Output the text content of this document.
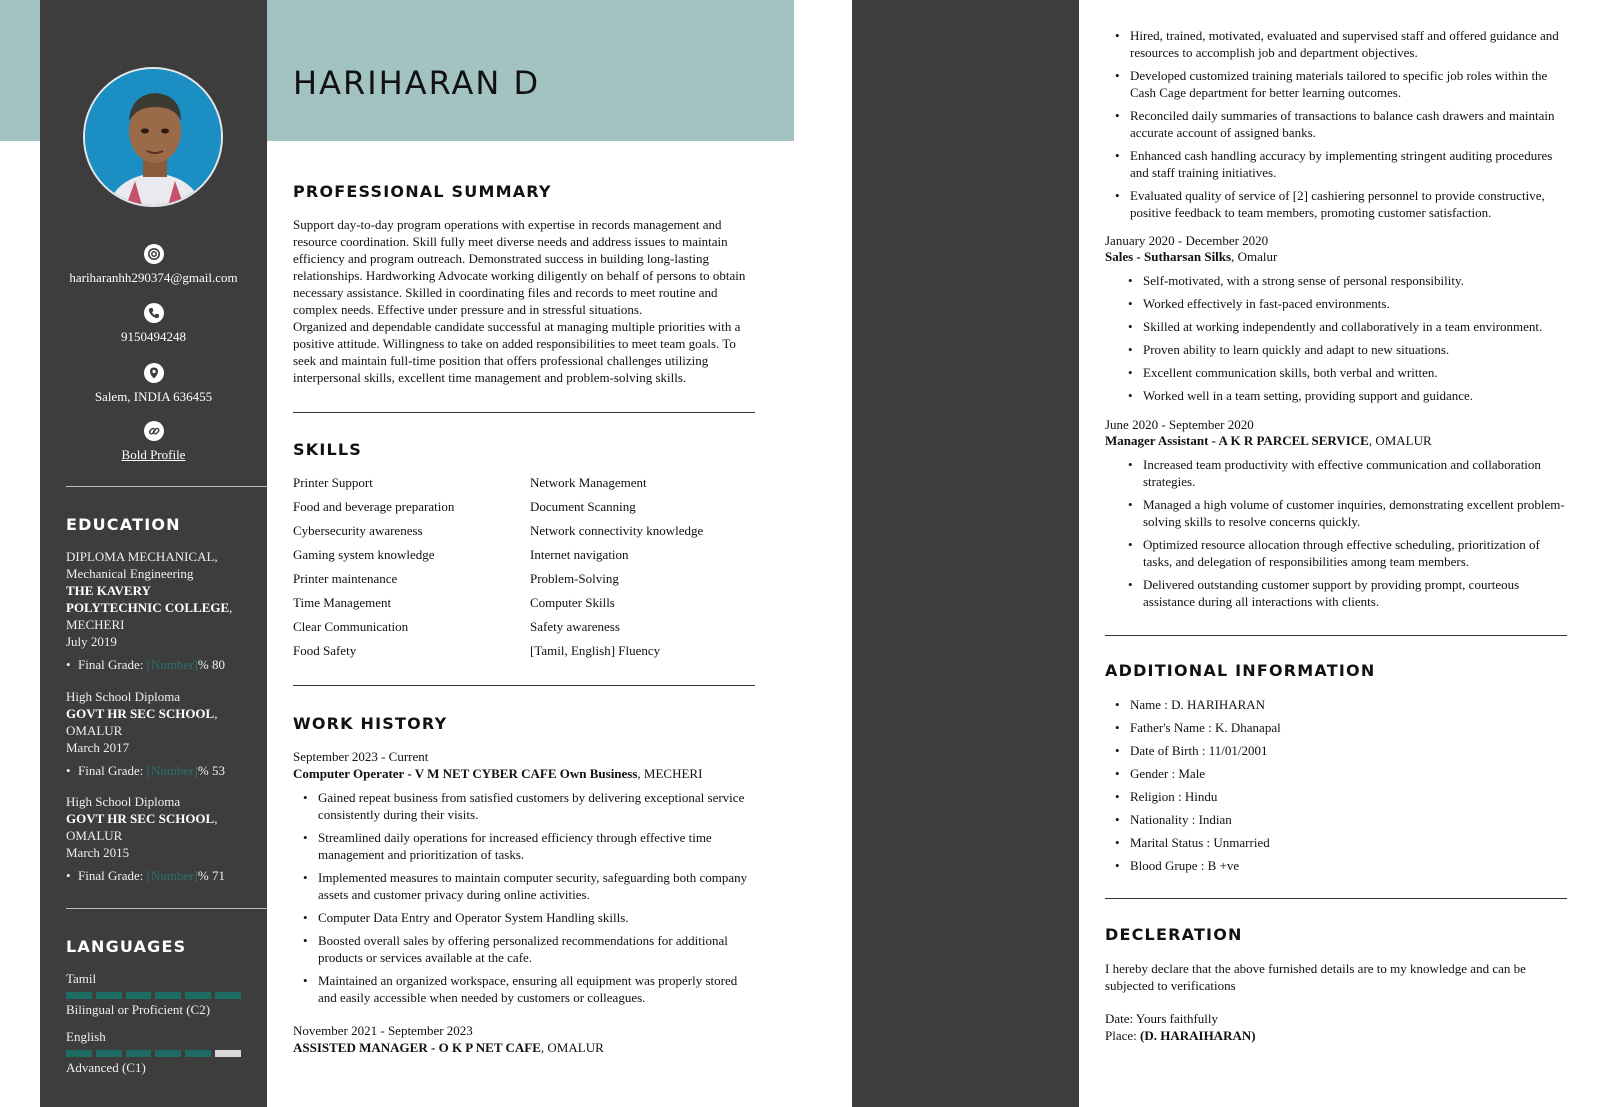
hariharanhh290374@gmail.com
9150494248
Salem, INDIA 636455
Bold Profile
EDUCATION
DIPLOMA MECHANICAL,
Mechanical Engineering
THE KAVERY
POLYTECHNIC COLLEGE,
MECHERI
July 2019
• Final Grade: [Number]% 80
High School Diploma
GOVT HR SEC SCHOOL,
OMALUR
March 2017
• Final Grade: [Number]% 53
High School Diploma
GOVT HR SEC SCHOOL,
OMALUR
March 2015
• Final Grade: [Number]% 71
LANGUAGES
Tamil
Bilingual or Proficient (C2)
English
Advanced (C1)
HARIHARAN D
PROFESSIONAL SUMMARY
Support day-to-day program operations with expertise in records management and resource coordination. Skill fully meet diverse needs and address issues to maintain efficiency and program outreach. Demonstrated success in building long-lasting relationships. Hardworking Advocate working diligently on behalf of persons to obtain necessary assistance. Skilled in coordinating files and records to meet routine and complex needs. Effective under pressure and in stressful situations.
Organized and dependable candidate successful at managing multiple priorities with a positive attitude. Willingness to take on added responsibilities to meet team goals. To seek and maintain full-time position that offers professional challenges utilizing interpersonal skills, excellent time management and problem-solving skills.
SKILLS
Printer Support
Food and beverage preparation
Cybersecurity awareness
Gaming system knowledge
Printer maintenance
Time Management
Clear Communication
Food Safety
Network Management
Document Scanning
Network connectivity knowledge
Internet navigation
Problem-Solving
Computer Skills
Safety awareness
[Tamil, English] Fluency
WORK HISTORY
September 2023 - Current
Computer Operater - V M NET CYBER CAFE Own Business, MECHERI
• Gained repeat business from satisfied customers by delivering exceptional service consistently during their visits.
• Streamlined daily operations for increased efficiency through effective time management and prioritization of tasks.
• Implemented measures to maintain computer security, safeguarding both company assets and customer privacy during online activities.
• Computer Data Entry and Operator System Handling skills.
• Boosted overall sales by offering personalized recommendations for additional products or services available at the cafe.
• Maintained an organized workspace, ensuring all equipment was properly stored and easily accessible when needed by customers or colleagues.
November 2021 - September 2023
ASSISTED MANAGER - O K P NET CAFE, OMALUR
• Hired, trained, motivated, evaluated and supervised staff and offered guidance and resources to accomplish job and department objectives.
• Developed customized training materials tailored to specific job roles within the Cash Cage department for better learning outcomes.
• Reconciled daily summaries of transactions to balance cash drawers and maintain accurate account of assigned banks.
• Enhanced cash handling accuracy by implementing stringent auditing procedures and staff training initiatives.
• Evaluated quality of service of [2] cashiering personnel to provide constructive, positive feedback to team members, promoting customer satisfaction.
January 2020 - December 2020
Sales - Sutharsan Silks, Omalur
• Self-motivated, with a strong sense of personal responsibility.
• Worked effectively in fast-paced environments.
• Skilled at working independently and collaboratively in a team environment.
• Proven ability to learn quickly and adapt to new situations.
• Excellent communication skills, both verbal and written.
• Worked well in a team setting, providing support and guidance.
June 2020 - September 2020
Manager Assistant - A K R PARCEL SERVICE, OMALUR
• Increased team productivity with effective communication and collaboration strategies.
• Managed a high volume of customer inquiries, demonstrating excellent problem-solving skills to resolve concerns quickly.
• Optimized resource allocation through effective scheduling, prioritization of tasks, and delegation of responsibilities among team members.
• Delivered outstanding customer support by providing prompt, courteous assistance during all interactions with clients.
ADDITIONAL INFORMATION
• Name : D. HARIHARAN
• Father's Name : K. Dhanapal
• Date of Birth : 11/01/2001
• Gender : Male
• Religion : Hindu
• Nationality : Indian
• Marital Status : Unmarried
• Blood Grupe : B +ve
DECLERATION
I hereby declare that the above furnished details are to my knowledge and can be subjected to verifications
Date: Yours faithfully
Place: (D. HARAIHARAN)
